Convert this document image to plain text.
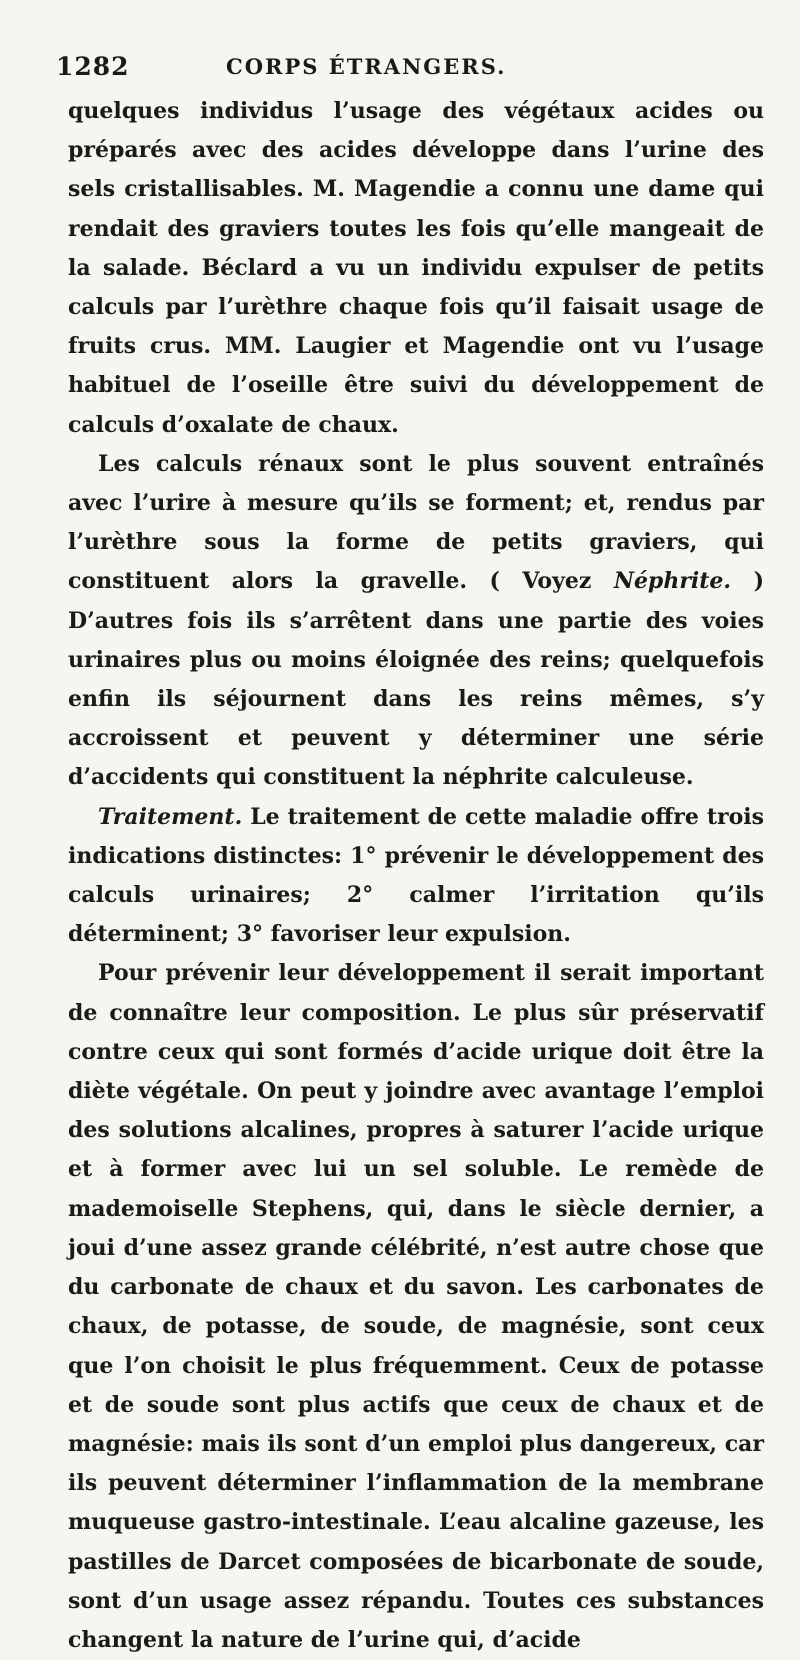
1282	CORPS ÉTRANGERS.

quelques individus l’usage des végétaux acides ou préparés avec des acides développe dans l’urine des sels cristallisables. M. Magendie a connu une dame qui rendait des graviers toutes les fois qu’elle mangeait de la salade. Béclard a vu un individu expulser de petits calculs par l’urèthre chaque fois qu’il faisait usage de fruits crus. MM. Laugier et Magendie ont vu l’usage habituel de l’oseille être suivi du développement de calculs d’oxalate de chaux.

Les calculs rénaux sont le plus souvent entraînés avec l’urire à mesure qu’ils se forment; et, rendus par l’urèthre sous la forme de petits graviers, qui constituent alors la gravelle. ( Voyez Néphrite. ) D’autres fois ils s’arrêtent dans une partie des voies urinaires plus ou moins éloignée des reins; quelquefois enfin ils séjournent dans les reins mêmes, s’y accroissent et peuvent y déterminer une série d’accidents qui constituent la néphrite calculeuse.

Traitement. Le traitement de cette maladie offre trois indications distinctes: 1° prévenir le développement des calculs urinaires; 2° calmer l’irritation qu’ils déterminent; 3° favoriser leur expulsion.

Pour prévenir leur développement il serait important de connaître leur composition. Le plus sûr préservatif contre ceux qui sont formés d’acide urique doit être la diète végétale. On peut y joindre avec avantage l’emploi des solutions alcalines, propres à saturer l’acide urique et à former avec lui un sel soluble. Le remède de mademoiselle Stephens, qui, dans le siècle dernier, a joui d’une assez grande célébrité, n’est autre chose que du carbonate de chaux et du savon. Les carbonates de chaux, de potasse, de soude, de magnésie, sont ceux que l’on choisit le plus fréquemment. Ceux de potasse et de soude sont plus actifs que ceux de chaux et de magnésie: mais ils sont d’un emploi plus dangereux, car ils peuvent déterminer l’inflammation de la membrane muqueuse gastro-intestinale. L’eau alcaline gazeuse, les pastilles de Darcet composées de bicarbonate de soude, sont d’un usage assez répandu. Toutes ces substances changent la nature de l’urine qui, d’acide
